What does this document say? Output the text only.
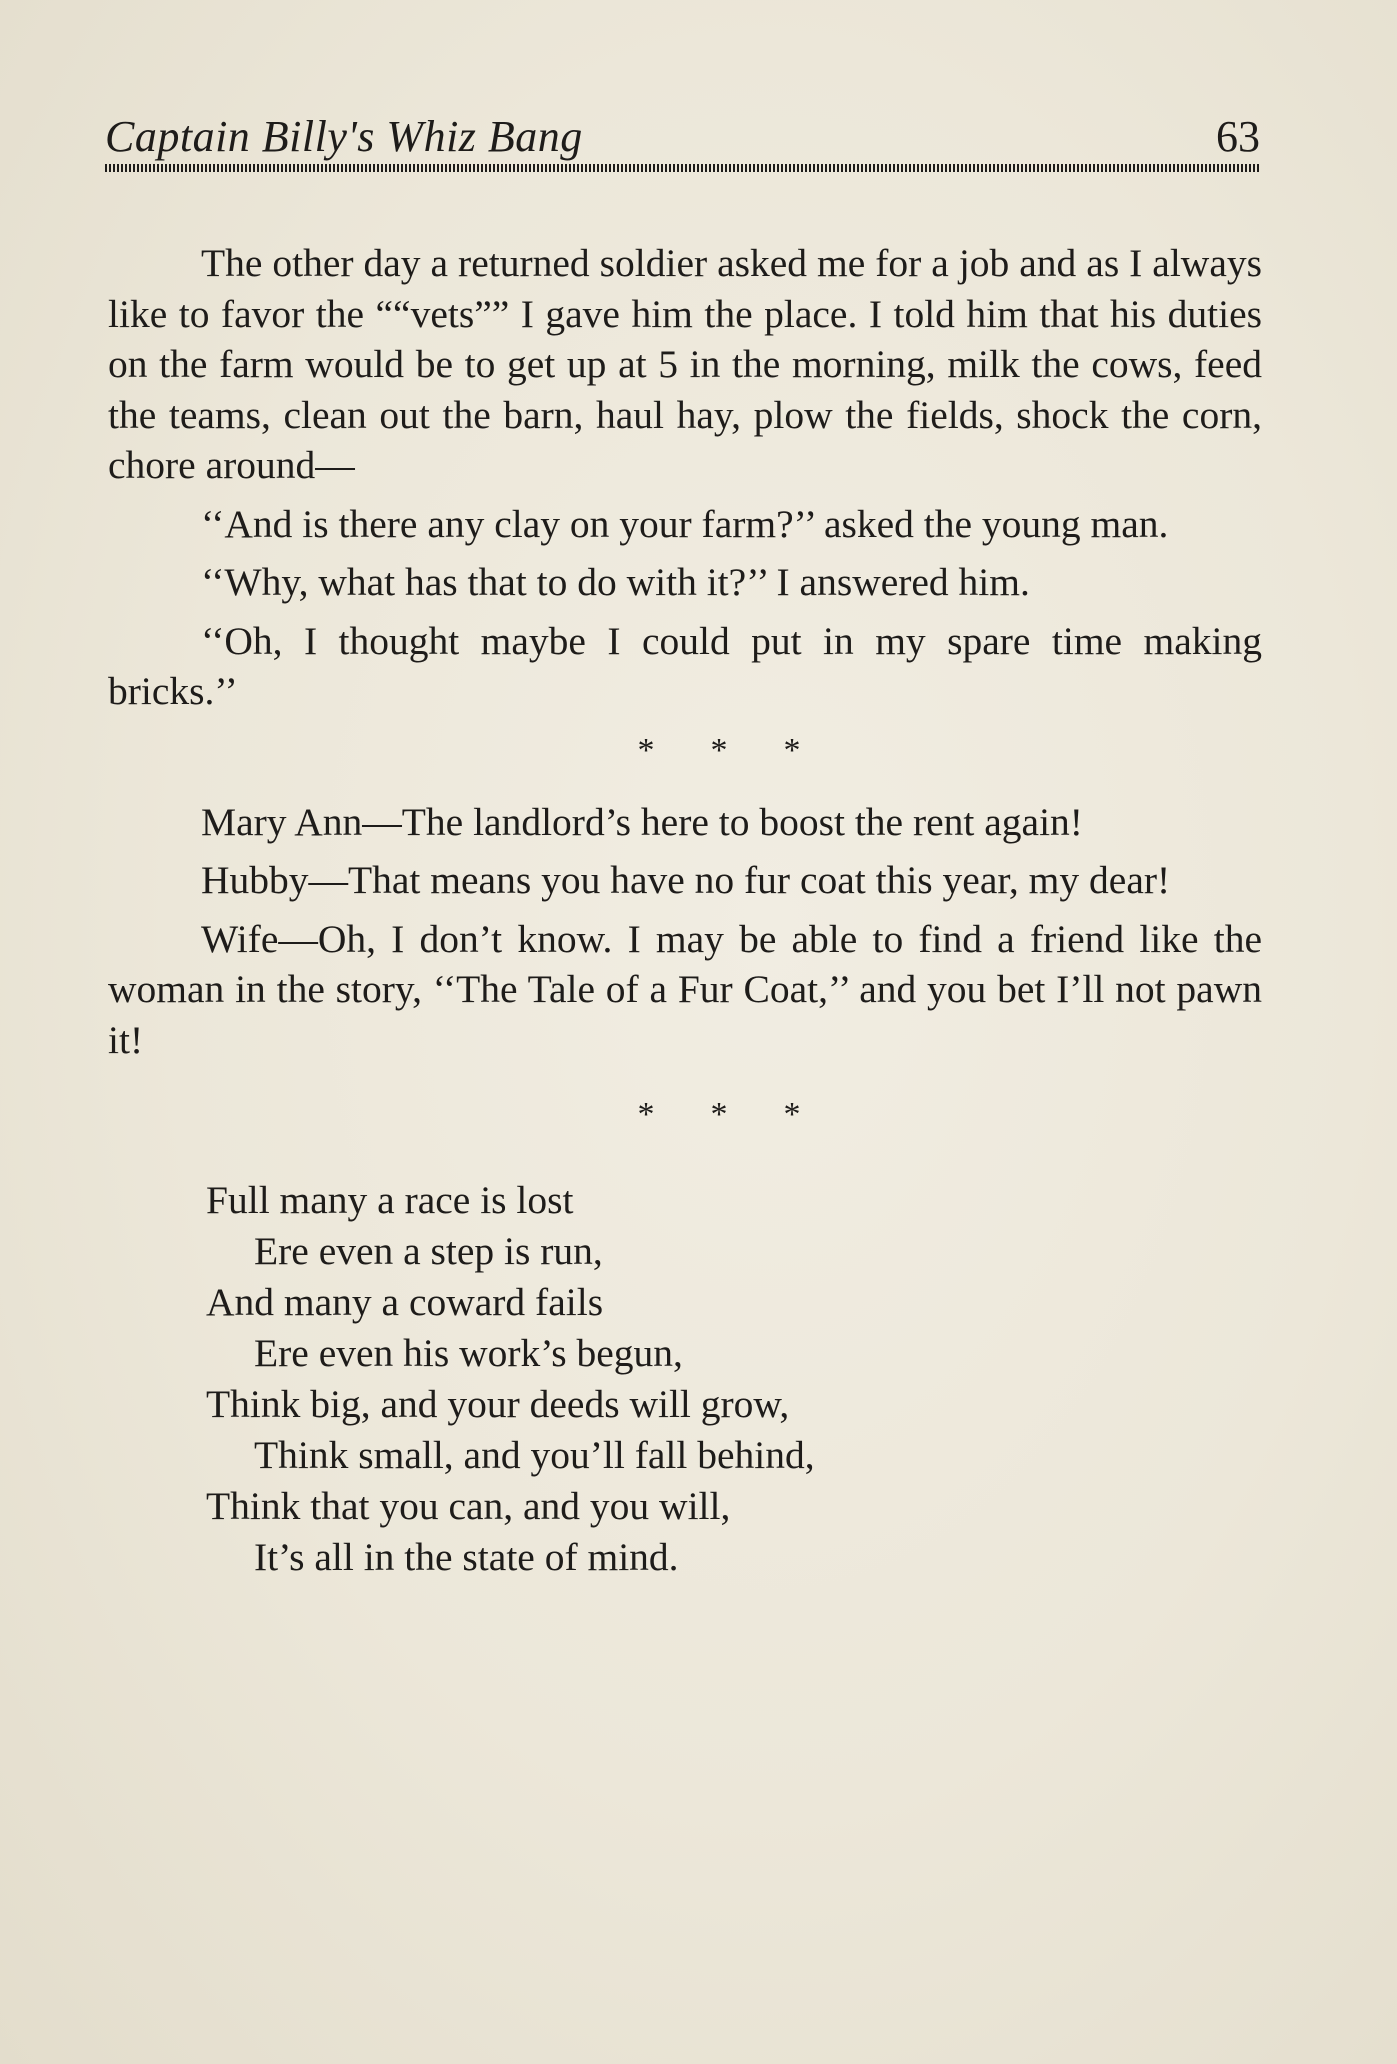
Captain Billy's Whiz Bang	63

The other day a returned soldier asked me for a job and as I always like to favor the ““vets”” I gave him the place. I told him that his duties on the farm would be to get up at 5 in the morning, milk the cows, feed the teams, clean out the barn, haul hay, plow the fields, shock the corn, chore around—

‘‘And is there any clay on your farm?’’ asked the young man.

‘‘Why, what has that to do with it?’’ I answered him.

‘‘Oh, I thought maybe I could put in my spare time making bricks.’’

* * *

Mary Ann—The landlord’s here to boost the rent again!

Hubby—That means you have no fur coat this year, my dear!

Wife—Oh, I don’t know. I may be able to find a friend like the woman in the story, ‘‘The Tale of a Fur Coat,’’ and you bet I’ll not pawn it!

* * *
Full many a race is lost
Ere even a step is run,
And many a coward fails
Ere even his work’s begun,
Think big, and your deeds will grow,
Think small, and you’ll fall behind,
Think that you can, and you will,
It’s all in the state of mind.
